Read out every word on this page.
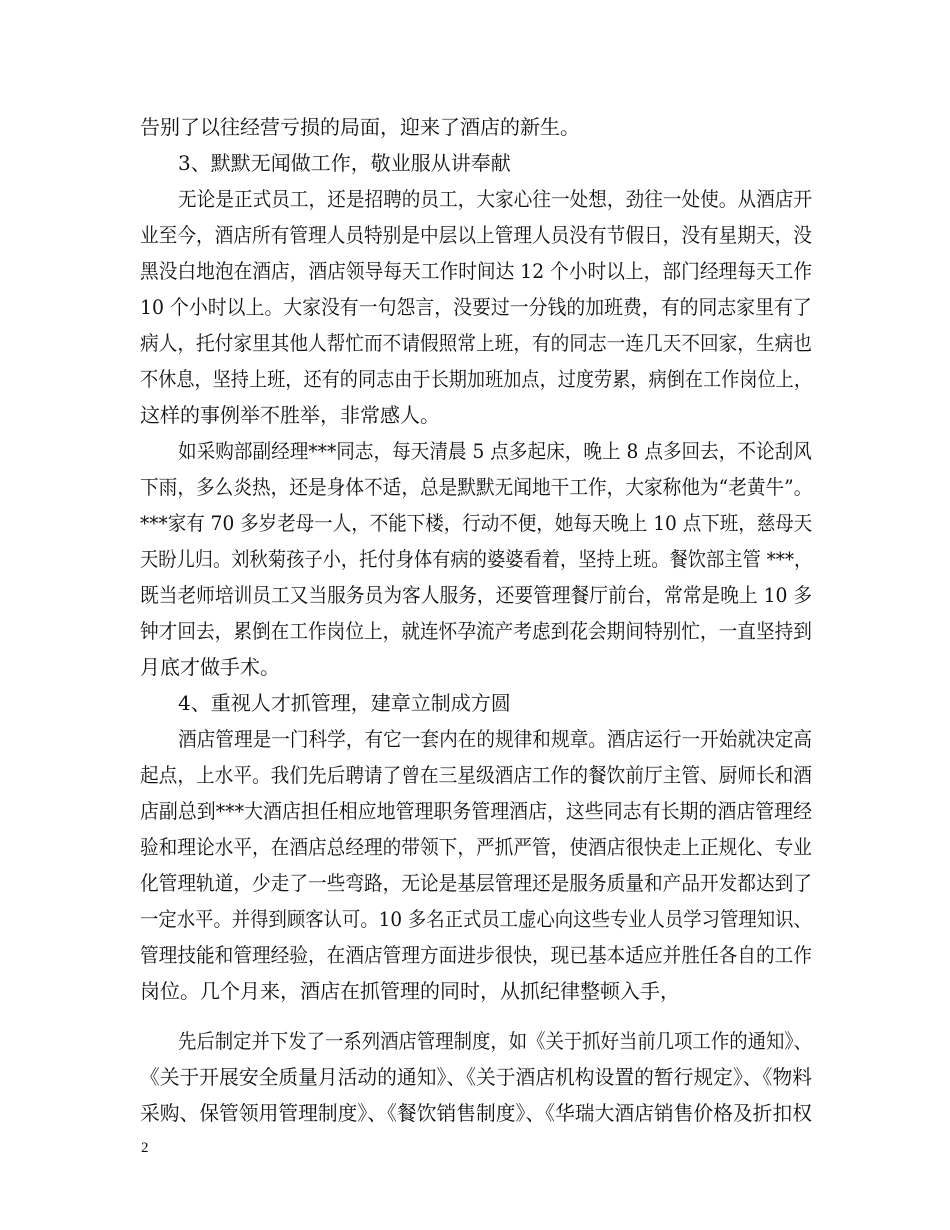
告别了以往经营亏损的局面，迎来了酒店的新生。
3、默默无闻做工作，敬业服从讲奉献
无论是正式员工，还是招聘的员工，大家心往一处想，劲往一处使。从酒店开
业至今，酒店所有管理人员特别是中层以上管理人员没有节假日，没有星期天，没
黑没白地泡在酒店，酒店领导每天工作时间达 12 个小时以上，部门经理每天工作
10 个小时以上。大家没有一句怨言，没要过一分钱的加班费，有的同志家里有了
病人，托付家里其他人帮忙而不请假照常上班，有的同志一连几天不回家，生病也
不休息，坚持上班，还有的同志由于长期加班加点，过度劳累，病倒在工作岗位上，
这样的事例举不胜举，非常感人。
如采购部副经理***同志，每天清晨 5 点多起床，晚上 8 点多回去，不论刮风
下雨，多么炎热，还是身体不适，总是默默无闻地干工作，大家称他为“老黄牛”。
***家有 70 多岁老母一人，不能下楼，行动不便，她每天晚上 10 点下班，慈母天
天盼儿归。刘秋菊孩子小，托付身体有病的婆婆看着，坚持上班。餐饮部主管 ***，
既当老师培训员工又当服务员为客人服务，还要管理餐厅前台，常常是晚上 10 多
钟才回去，累倒在工作岗位上，就连怀孕流产考虑到花会期间特别忙，一直坚持到
月底才做手术。
4、重视人才抓管理，建章立制成方圆
酒店管理是一门科学，有它一套内在的规律和规章。酒店运行一开始就决定高
起点，上水平。我们先后聘请了曾在三星级酒店工作的餐饮前厅主管、厨师长和酒
店副总到***大酒店担任相应地管理职务管理酒店，这些同志有长期的酒店管理经
验和理论水平，在酒店总经理的带领下，严抓严管，使酒店很快走上正规化、专业
化管理轨道，少走了一些弯路，无论是基层管理还是服务质量和产品开发都达到了
一定水平。并得到顾客认可。10 多名正式员工虚心向这些专业人员学习管理知识、
管理技能和管理经验，在酒店管理方面进步很快，现已基本适应并胜任各自的工作
岗位。几个月来，酒店在抓管理的同时，从抓纪律整顿入手，
先后制定并下发了一系列酒店管理制度，如《关于抓好当前几项工作的通知》、
《关于开展安全质量月活动的通知》、《关于酒店机构设置的暂行规定》、《物料
采购、保管领用管理制度》、《餐饮销售制度》、《华瑞大酒店销售价格及折扣权
2
